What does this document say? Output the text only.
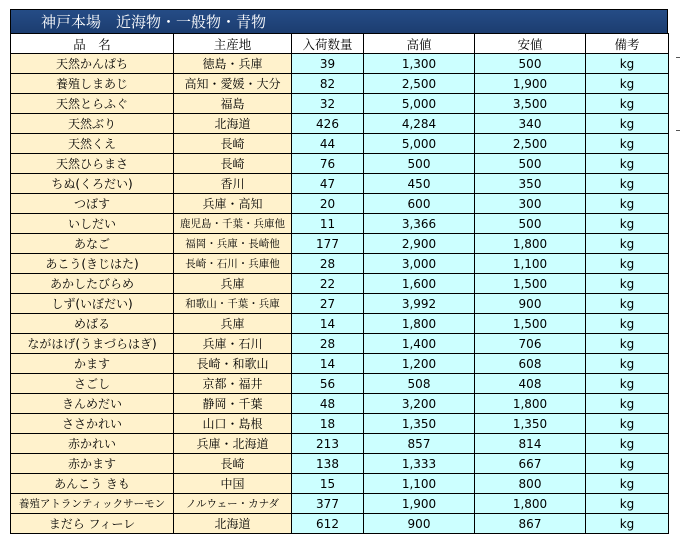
神戸本場　近海物・一般物・青物
品　名	主産地	入荷数量	高値	安値	備考
天然かんぱち	徳島・兵庫	39	1,300	500	kg
養殖しまあじ	高知・愛媛・大分	82	2,500	1,900	kg
天然とらふぐ	福島	32	5,000	3,500	kg
天然ぶり	北海道	426	4,284	340	kg
天然くえ	長崎	44	5,000	2,500	kg
天然ひらまさ	長崎	76	500	500	kg
ちぬ(くろだい)	香川	47	450	350	kg
つばす	兵庫・高知	20	600	300	kg
いしだい	鹿児島・千葉・兵庫他	11	3,366	500	kg
あなご	福岡・兵庫・長崎他	177	2,900	1,800	kg
あこう(きじはた)	長崎・石川・兵庫他	28	3,000	1,100	kg
あかしたびらめ	兵庫	22	1,600	1,500	kg
しず(いぼだい)	和歌山・千葉・兵庫	27	3,992	900	kg
めばる	兵庫	14	1,800	1,500	kg
ながはげ(うまづらはぎ)	兵庫・石川	28	1,400	706	kg
かます	長崎・和歌山	14	1,200	608	kg
さごし	京都・福井	56	508	408	kg
きんめだい	静岡・千葉	48	3,200	1,800	kg
ささかれい	山口・島根	18	1,350	1,350	kg
赤かれい	兵庫・北海道	213	857	814	kg
赤かます	長崎	138	1,333	667	kg
あんこう きも	中国	15	1,100	800	kg
養殖アトランティックサーモン	ノルウェー・カナダ	377	1,900	1,800	kg
まだら フィーレ	北海道	612	900	867	kg
